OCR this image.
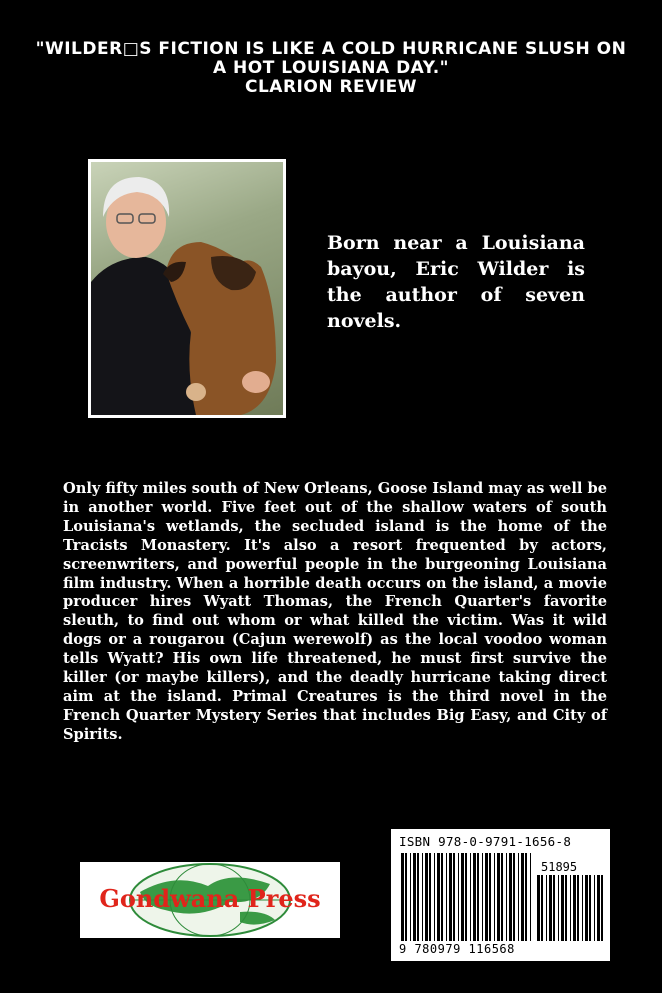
"WILDER□S FICTION IS LIKE A COLD HURRICANE SLUSH ON
A HOT LOUISIANA DAY."
CLARION REVIEW
Born near a Louisiana bayou, Eric Wilder is the author of seven novels.
Only fifty miles south of New Orleans, Goose Island may as well be in another world. Five feet out of the shallow waters of south Louisiana's wetlands, the secluded island is the home of the Tracists Monastery. It's also a resort frequented by actors, screenwriters, and powerful people in the burgeoning Louisiana film industry. When a horrible death occurs on the island, a movie producer hires Wyatt Thomas, the French Quarter's favorite sleuth, to find out whom or what killed the victim. Was it wild dogs or a rougarou (Cajun werewolf) as the local voodoo woman tells Wyatt? His own life threatened, he must first survive the killer (or maybe killers), and the deadly hurricane taking direct aim at the island. Primal Creatures is the third novel in the French Quarter Mystery Series that includes Big Easy, and City of Spirits.
Gondwana Press
ISBN 978-0-9791-1656-8
51895
9 780979 116568
